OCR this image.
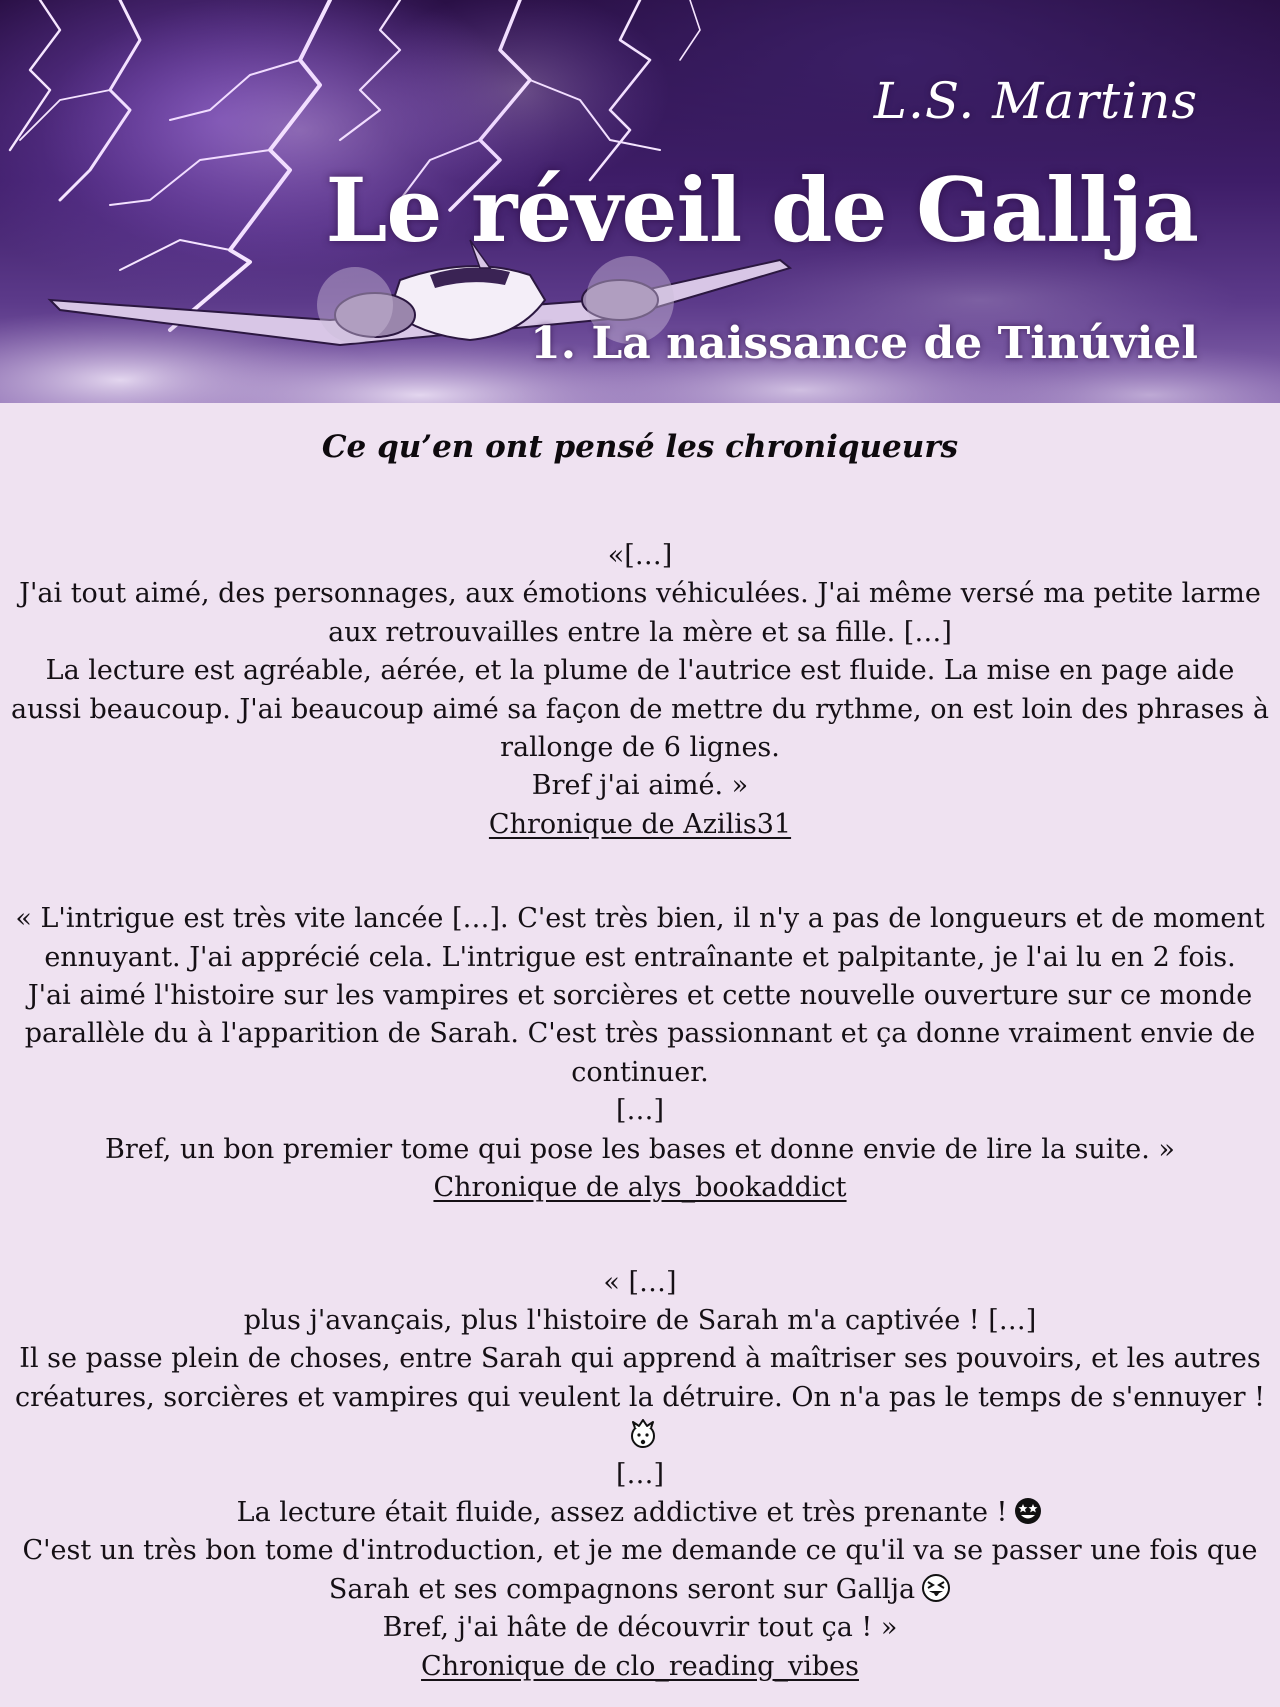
L.S. Martins
Le réveil de Gallja
1. La naissance de Tinúviel
Ce qu’en ont pensé les chroniqueurs

«[…]

J'ai tout aimé, des personnages, aux émotions véhiculées. J'ai même versé ma petite larme aux retrouvailles entre la mère et sa fille. […]

La lecture est agréable, aérée, et la plume de l'autrice est fluide. La mise en page aide aussi beaucoup. J'ai beaucoup aimé sa façon de mettre du rythme, on est loin des phrases à rallonge de 6 lignes.

Bref j'ai aimé. »

Chronique de Azilis31

« L'intrigue est très vite lancée […]. C'est très bien, il n'y a pas de longueurs et de moment ennuyant. J'ai apprécié cela. L'intrigue est entraînante et palpitante, je l'ai lu en 2 fois.

J'ai aimé l'histoire sur les vampires et sorcières et cette nouvelle ouverture sur ce monde parallèle du à l'apparition de Sarah. C'est très passionnant et ça donne vraiment envie de continuer.

[…]

Bref, un bon premier tome qui pose les bases et donne envie de lire la suite. »

Chronique de alys_bookaddict

« […]

plus j'avançais, plus l'histoire de Sarah m'a captivée ! […]

Il se passe plein de choses, entre Sarah qui apprend à maîtriser ses pouvoirs, et les autres créatures, sorcières et vampires qui veulent la détruire. On n'a pas le temps de s'ennuyer !

[…]

La lecture était fluide, assez addictive et très prenante !

C'est un très bon tome d'introduction, et je me demande ce qu'il va se passer une fois que Sarah et ses compagnons seront sur Gallja

Bref, j'ai hâte de découvrir tout ça ! »

Chronique de clo_reading_vibes
